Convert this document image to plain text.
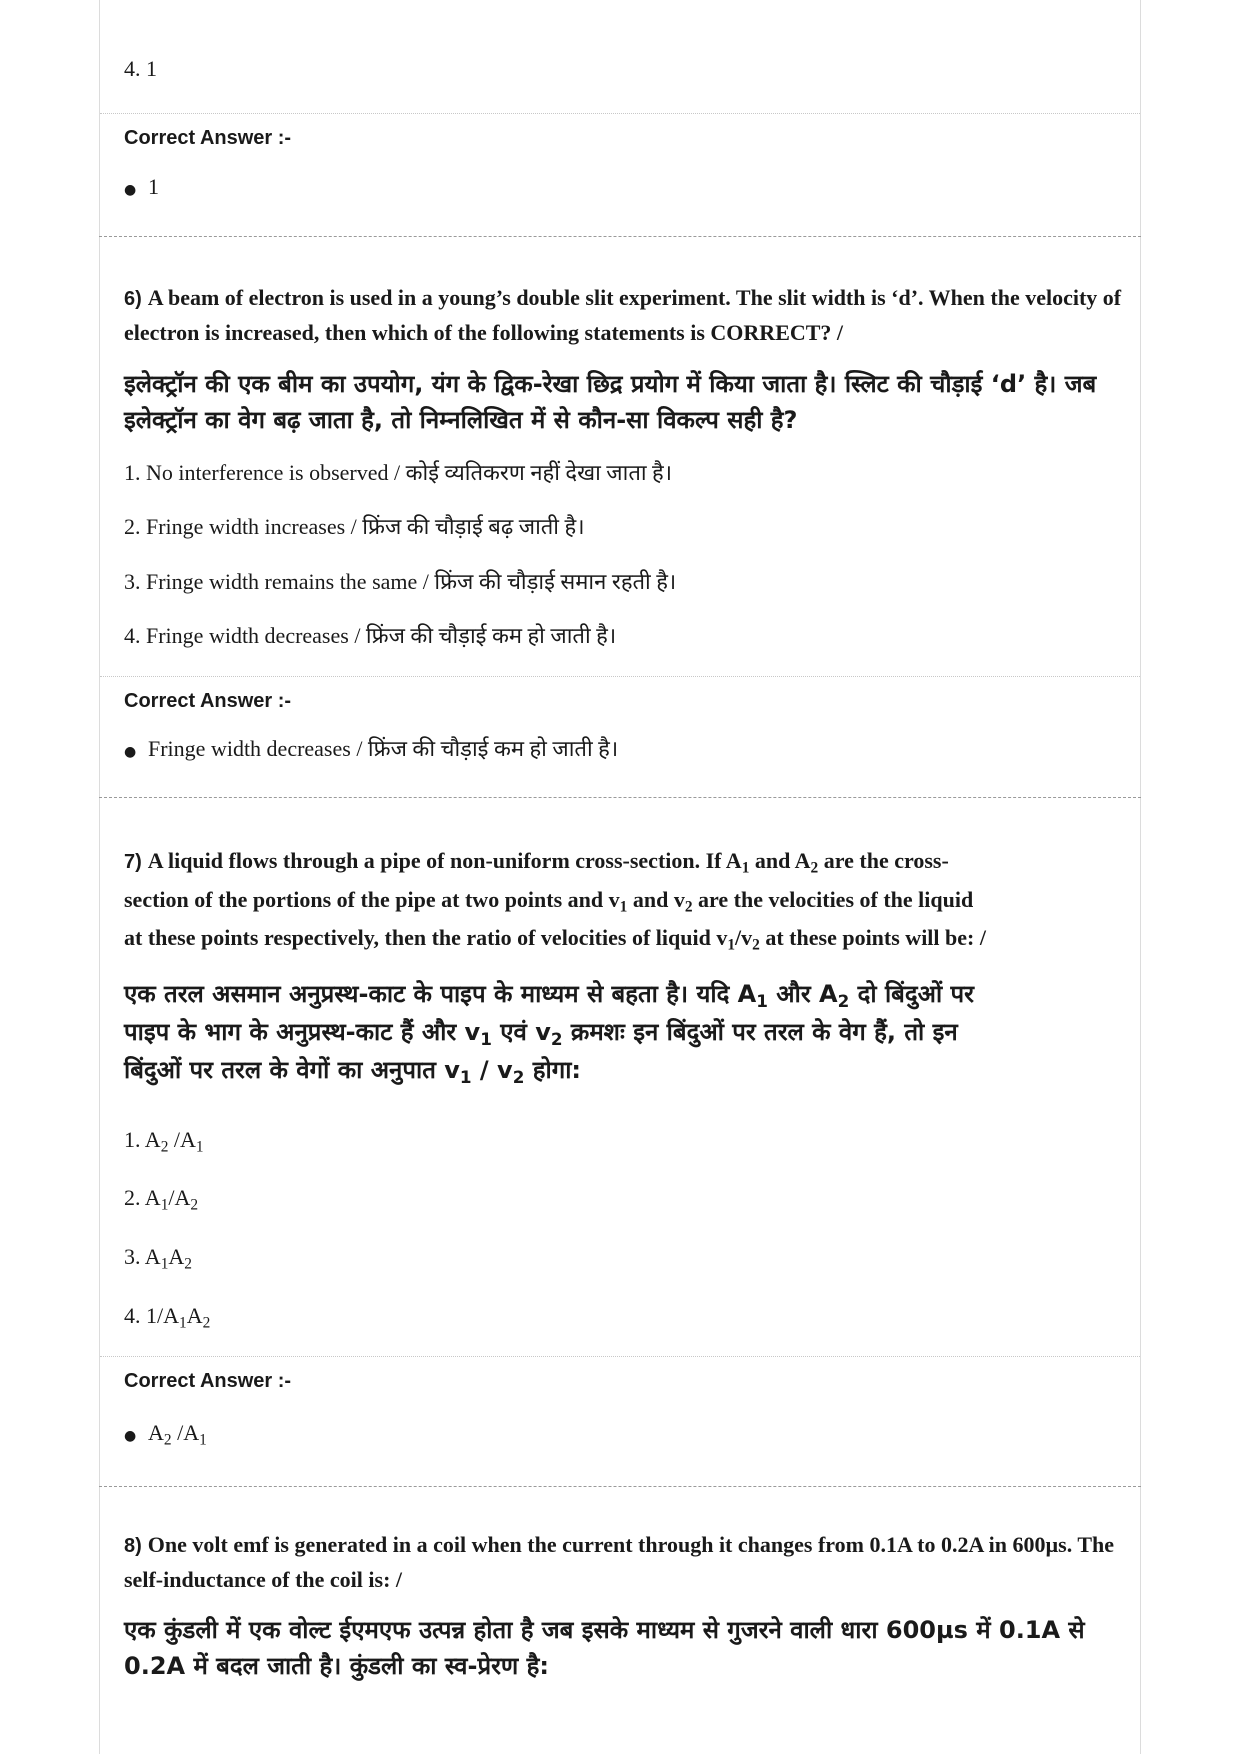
4. 1
Correct Answer :-
● 1
6) A beam of electron is used in a young’s double slit experiment. The slit width is ‘d’. When the velocity of electron is increased, then which of the following statements is CORRECT? /
इलेक्ट्रॉन की एक बीम का उपयोग, यंग के द्विक-रेखा छिद्र प्रयोग में किया जाता है। स्लिट की चौड़ाई ‘d’ है। जब इलेक्ट्रॉन का वेग बढ़ जाता है, तो निम्नलिखित में से कौन-सा विकल्प सही है?
1. No interference is observed / कोई व्यतिकरण नहीं देखा जाता है।
2. Fringe width increases / फ्रिंज की चौड़ाई बढ़ जाती है।
3. Fringe width remains the same / फ्रिंज की चौड़ाई समान रहती है।
4. Fringe width decreases / फ्रिंज की चौड़ाई कम हो जाती है।
Correct Answer :-
● Fringe width decreases / फ्रिंज की चौड़ाई कम हो जाती है।
7) A liquid flows through a pipe of non-uniform cross-section. If $A_1$ and $A_2$ are the cross-
section of the portions of the pipe at two points and $v_1$ and $v_2$ are the velocities of the liquid
at these points respectively, then the ratio of velocities of liquid $v_1/v_2$ at these points will be: /
एक तरल असमान अनुप्रस्थ-काट के पाइप के माध्यम से बहता है। यदि $A_1$ और $A_2$ दो बिंदुओं पर
पाइप के भाग के अनुप्रस्थ-काट हैं और $v_1$ एवं $v_2$ क्रमशः इन बिंदुओं पर तरल के वेग हैं, तो इन
बिंदुओं पर तरल के वेगों का अनुपात $v_1 / v_2$ होगा:
1. $A_2$ $/A_1$
2. $A_1/A_2$
3. $A_1A_2$
4. $1/A_1A_2$
Correct Answer :-
● $A_2$ $/A_1$
8) One volt emf is generated in a coil when the current through it changes from 0.1A to 0.2A in 600µs. The self-inductance of the coil is: /
एक कुंडली में एक वोल्ट ईएमएफ उत्पन्न होता है जब इसके माध्यम से गुजरने वाली धारा 600µs में 0.1A से 0.2A में बदल जाती है। कुंडली का स्व-प्रेरण है:
